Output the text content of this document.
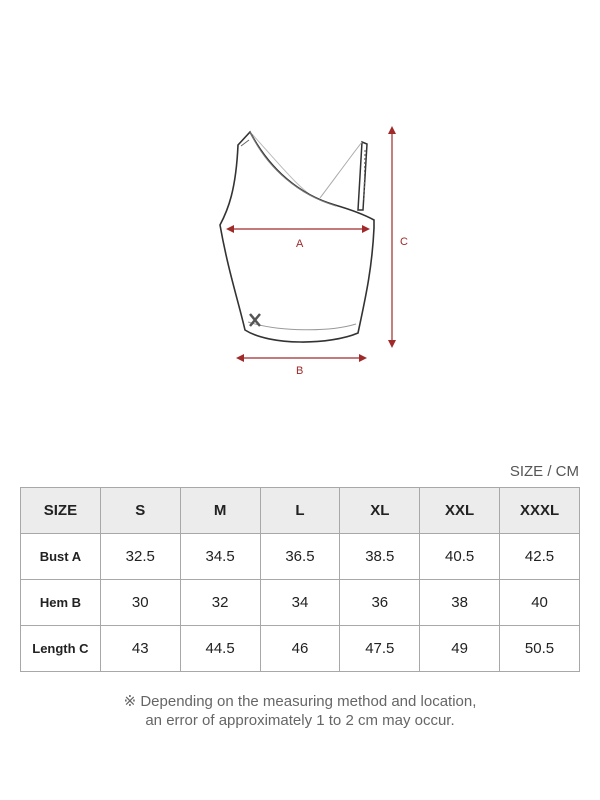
A
B
C
SIZE / CM
SIZE	S	M	L	XL	XXL	XXXL
Bust A	32.5	34.5	36.5	38.5	40.5	42.5
Hem B	30	32	34	36	38	40
Length C	43	44.5	46	47.5	49	50.5
※ Depending on the measuring method and location,
an error of approximately 1 to 2 cm may occur.
